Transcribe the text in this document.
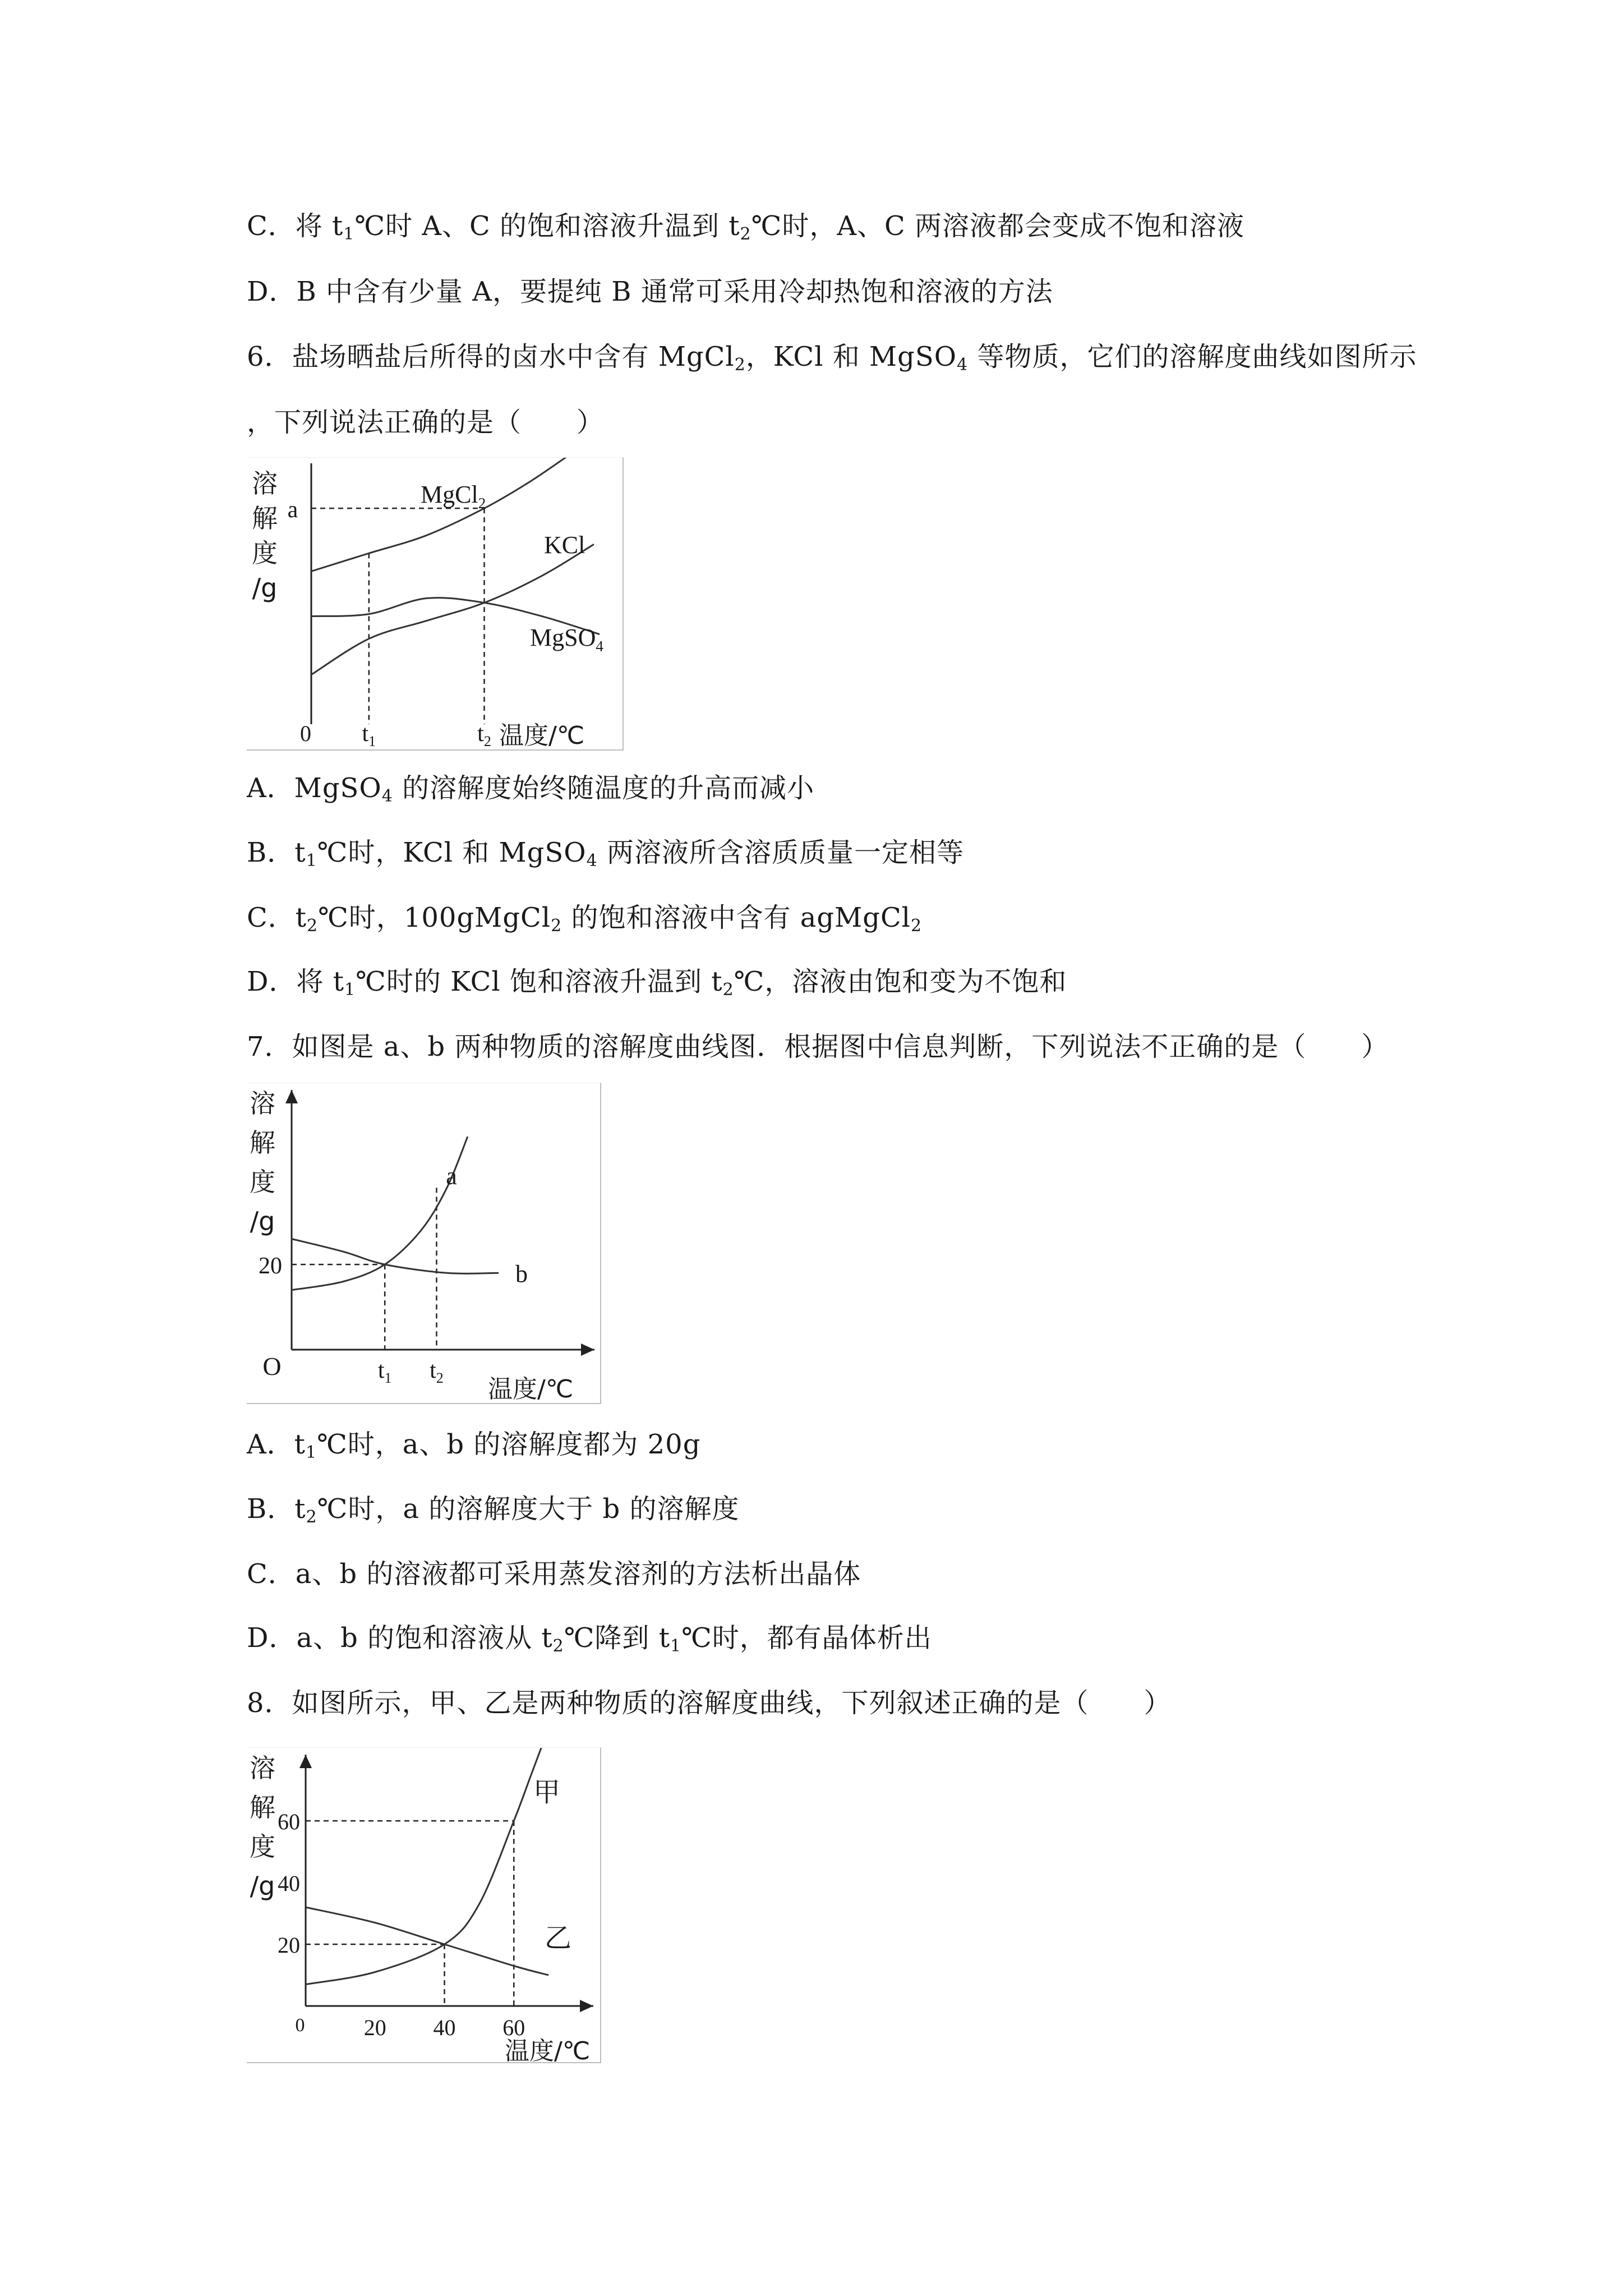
C．将 $t_1℃$时 A、C 的饱和溶液升温到 $t_2℃$时，A、C 两溶液都会变成不饱和溶液
D．B 中含有少量 A，要提纯 B 通常可采用冷却热饱和溶液的方法
6．盐场晒盐后所得的卤水中含有 MgCl$_2$，KCl 和 MgSO$_4$ 等物质，它们的溶解度曲线如图所示
，下列说法正确的是（　　）
溶
解
度
/g
a
MgCl$_2$
KCl
MgSO$_4$
0 $t_1$	$t_2$ 温度/℃
A．MgSO$_4$ 的溶解度始终随温度的升高而减小
B．$t_1℃$时，KCl 和 MgSO$_4$ 两溶液所含溶质质量一定相等
C．$t_2℃$时，100gMgCl$_2$ 的饱和溶液中含有 agMgCl$_2$
D．将 $t_1℃$时的 KCl 饱和溶液升温到 $t_2℃$，溶液由饱和变为不饱和
7．如图是 a、b 两种物质的溶解度曲线图．根据图中信息判断，下列说法不正确的是（　　）
溶
解
度
/g
20
a
b
O	$t_1$ $t_2$ 温度/℃
A．$t_1℃$时，a、b 的溶解度都为 20g
B．$t_2℃$时，a 的溶解度大于 b 的溶解度
C．a、b 的溶液都可采用蒸发溶剂的方法析出晶体
D．a、b 的饱和溶液从 $t_2℃$降到 $t_1℃$时，都有晶体析出
8．如图所示，甲、乙是两种物质的溶解度曲线，下列叙述正确的是（　　）
溶
解
度
/g
20
40
60
20 40 60
0
甲
乙
温度/℃
